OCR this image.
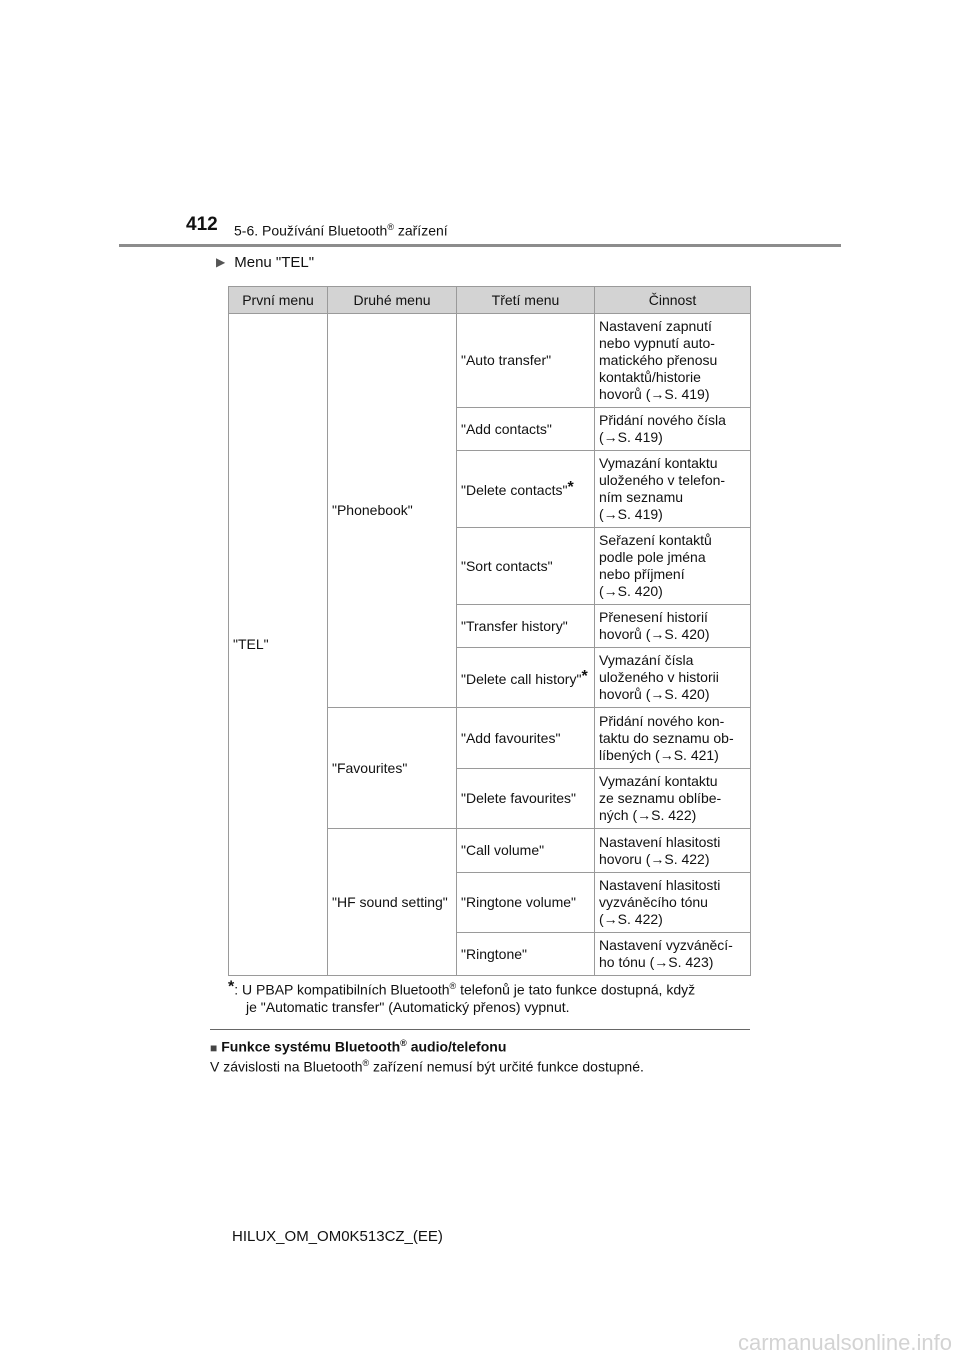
412 5-6. Používání Bluetooth® zařízení
▶ Menu "TEL"
První menu	Druhé menu	Třetí menu	Činnost
"TEL"	"Phonebook"	"Auto transfer"	Nastavení zapnutí
nebo vypnutí auto-
matického přenosu
kontaktů/historie
hovorů (→S. 419)

		"Add contacts"	Přidání nového čísla
(→S. 419)

		"Delete contacts"*	Vymazání kontaktu
uloženého v telefon-
ním seznamu
(→S. 419)

		"Sort contacts"	Seřazení kontaktů
podle pole jména
nebo příjmení
(→S. 420)

		"Transfer history"	Přenesení historií
hovorů (→S. 420)

		"Delete call history"*	Vymazání čísla
uloženého v historii
hovorů (→S. 420)

	"Favourites"	"Add favourites"	Přidání nového kon-
taktu do seznamu ob-
líbených (→S. 421)

		"Delete favourites"	Vymazání kontaktu
ze seznamu oblíbe-
ných (→S. 422)

	"HF sound setting"	"Call volume"	Nastavení hlasitosti
hovoru (→S. 422)

		"Ringtone volume"	Nastavení hlasitosti
vyzváněcího tónu
(→S. 422)

		"Ringtone"	Nastavení vyzváněcí-
ho tónu (→S. 423)
*: U PBAP kompatibilních Bluetooth® telefonů je tato funkce dostupná, když
je "Automatic transfer" (Automatický přenos) vypnut.
■ Funkce systému Bluetooth® audio/telefonu
V závislosti na Bluetooth® zařízení nemusí být určité funkce dostupné.
HILUX_OM_OM0K513CZ_(EE)
carmanualsonline.info
